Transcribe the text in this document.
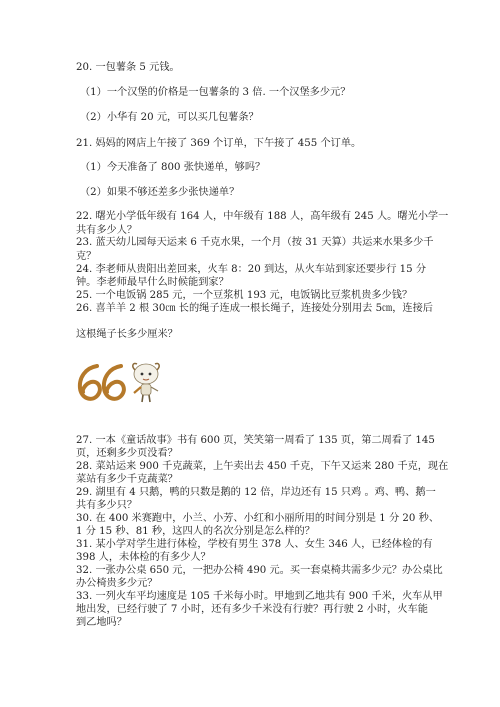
20. 一包薯条 5 元钱。
（1）一个汉堡的价格是一包薯条的 3 倍. 一个汉堡多少元？
（2）小华有 20 元，可以买几包薯条？
21. 妈妈的网店上午接了 369 个订单，下午接了 455 个订单。
（1）今天准备了 800 张快递单，够吗？
（2）如果不够还差多少张快递单？
22. 曙光小学低年级有 164 人，中年级有 188 人，高年级有 245 人。曙光小学一
共有多少人？
23. 蓝天幼儿园每天运来 6 千克水果，一个月（按 31 天算）共运来水果多少千
克？
24. 李老师从贵阳出差回来，火车 8：20 到达，从火车站到家还要步行 15 分
钟。李老师最早什么时候能到家？
25. 一个电饭锅 285 元，一个豆浆机 193 元，电饭锅比豆浆机贵多少钱？
26. 喜羊羊 2 根 30㎝ 长的绳子连成一根长绳子，连接处分别用去 5㎝，连接后
这根绳子长多少厘米？
27. 一本《童话故事》书有 600 页，笑笑第一周看了 135 页，第二周看了 145
页，还剩多少页没看？
28. 菜站运来 900 千克蔬菜，上午卖出去 450 千克，下午又运来 280 千克，现在
菜站有多少千克蔬菜？
29. 湖里有 4 只鹅，鸭的只数是鹅的 12 倍，岸边还有 15 只鸡 。鸡、鸭、鹅一
共有多少只？
30. 在 400 米赛跑中，小兰、小芳、小红和小丽所用的时间分别是 1 分 20 秒、
1 分 15 秒、81 秒，这四人的名次分别是怎么样的？
31. 某小学对学生进行体检，学校有男生 378 人、女生 346 人，已经体检的有
398 人，未体检的有多少人？
32. 一张办公桌 650 元，一把办公椅 490 元。买一套桌椅共需多少元？办公桌比
办公椅贵多少元？
33. 一列火车平均速度是 105 千米每小时。甲地到乙地共有 900 千米，火车从甲
地出发，已经行驶了 7 小时，还有多少千米没有行驶？再行驶 2 小时，火车能
到乙地吗？
